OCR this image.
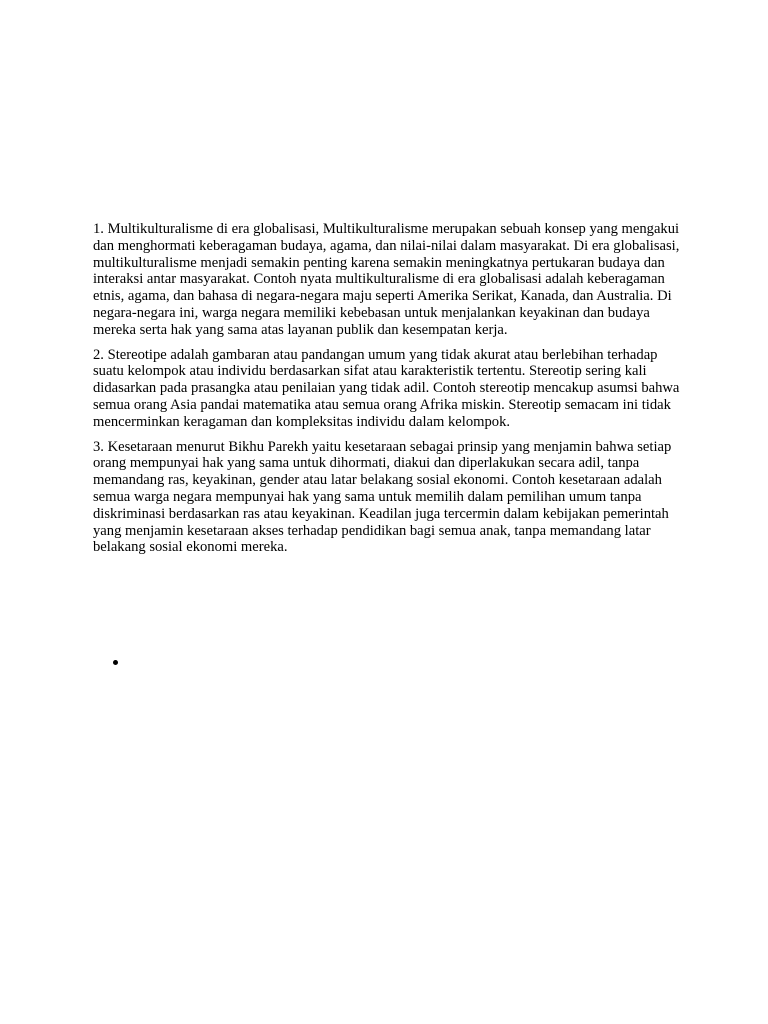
1. Multikulturalisme di era globalisasi, Multikulturalisme merupakan sebuah konsep yang mengakui dan menghormati keberagaman budaya, agama, dan nilai-nilai dalam masyarakat. Di era globalisasi, multikulturalisme menjadi semakin penting karena semakin meningkatnya pertukaran budaya dan interaksi antar masyarakat. Contoh nyata multikulturalisme di era globalisasi adalah keberagaman etnis, agama, dan bahasa di negara-negara maju seperti Amerika Serikat, Kanada, dan Australia. Di negara-negara ini, warga negara memiliki kebebasan untuk menjalankan keyakinan dan budaya mereka serta hak yang sama atas layanan publik dan kesempatan kerja.

2. Stereotipe adalah gambaran atau pandangan umum yang tidak akurat atau berlebihan terhadap suatu kelompok atau individu berdasarkan sifat atau karakteristik tertentu. Stereotip sering kali didasarkan pada prasangka atau penilaian yang tidak adil. Contoh stereotip mencakup asumsi bahwa semua orang Asia pandai matematika atau semua orang Afrika miskin. Stereotip semacam ini tidak mencerminkan keragaman dan kompleksitas individu dalam kelompok.

3. Kesetaraan menurut Bikhu Parekh yaitu kesetaraan sebagai prinsip yang menjamin bahwa setiap orang mempunyai hak yang sama untuk dihormati, diakui dan diperlakukan secara adil, tanpa memandang ras, keyakinan, gender atau latar belakang sosial ekonomi. Contoh kesetaraan adalah semua warga negara mempunyai hak yang sama untuk memilih dalam pemilihan umum tanpa diskriminasi berdasarkan ras atau keyakinan. Keadilan juga tercermin dalam kebijakan pemerintah yang menjamin kesetaraan akses terhadap pendidikan bagi semua anak, tanpa memandang latar belakang sosial ekonomi mereka.
